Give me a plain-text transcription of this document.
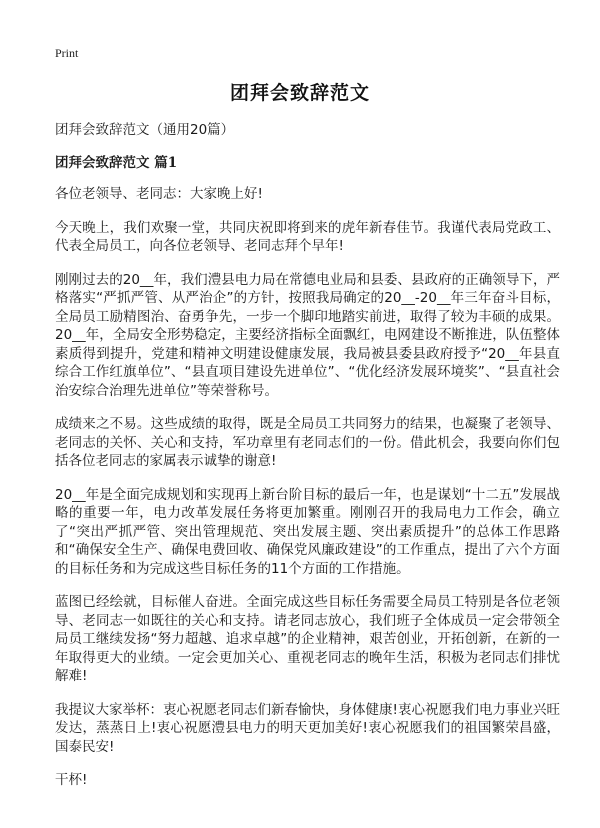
Print
团拜会致辞范文

团拜会致辞范文（通用20篇）

团拜会致辞范文 篇1

各位老领导、老同志：大家晚上好!

今天晚上，我们欢聚一堂，共同庆祝即将到来的虎年新春佳节。我谨代表局党政工、代表全局员工，向各位老领导、老同志拜个早年!

刚刚过去的20__年，我们澧县电力局在常德电业局和县委、县政府的正确领导下，严格落实“严抓严管、从严治企”的方针，按照我局确定的20__-20__年三年奋斗目标，全局员工励精图治、奋勇争先，一步一个脚印地踏实前进，取得了较为丰硕的成果。20__年，全局安全形势稳定，主要经济指标全面飘红，电网建设不断推进，队伍整体素质得到提升，党建和精神文明建设健康发展，我局被县委县政府授予“20__年县直综合工作红旗单位”、“县直项目建设先进单位”、“优化经济发展环境奖”、“县直社会治安综合治理先进单位”等荣誉称号。

成绩来之不易。这些成绩的取得，既是全局员工共同努力的结果，也凝聚了老领导、老同志的关怀、关心和支持，军功章里有老同志们的一份。借此机会，我要向你们包括各位老同志的家属表示诚挚的谢意!

20__年是全面完成规划和实现再上新台阶目标的最后一年，也是谋划“十二五”发展战略的重要一年，电力改革发展任务将更加繁重。刚刚召开的我局电力工作会，确立了“突出严抓严管、突出管理规范、突出发展主题、突出素质提升”的总体工作思路和“确保安全生产、确保电费回收、确保党风廉政建设”的工作重点，提出了六个方面的目标任务和为完成这些目标任务的11个方面的工作措施。

蓝图已经绘就，目标催人奋进。全面完成这些目标任务需要全局员工特别是各位老领导、老同志一如既往的关心和支持。请老同志放心，我们班子全体成员一定会带领全局员工继续发扬“努力超越、追求卓越”的企业精神，艰苦创业，开拓创新，在新的一年取得更大的业绩。一定会更加关心、重视老同志的晚年生活，积极为老同志们排忧解难!

我提议大家举杯：衷心祝愿老同志们新春愉快，身体健康!衷心祝愿我们电力事业兴旺发达，蒸蒸日上!衷心祝愿澧县电力的明天更加美好!衷心祝愿我们的祖国繁荣昌盛，国泰民安!

干杯!
